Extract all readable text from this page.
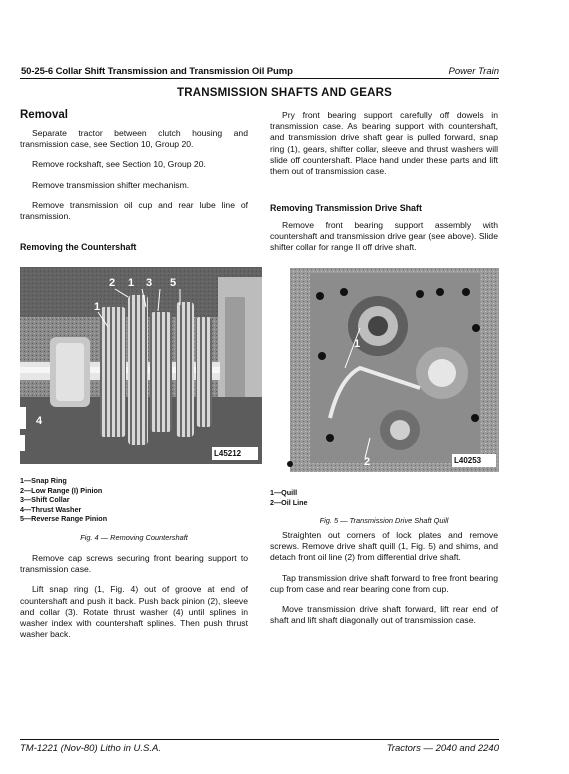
50-25-6 Collar Shift Transmission and Transmission Oil Pump	Power Train
TRANSMISSION SHAFTS AND GEARS
Removal

Separate tractor between clutch housing and transmission case, see Section 10, Group 20.

Remove rockshaft, see Section 10, Group 20.

Remove transmission shifter mechanism.

Remove transmission oil cup and rear lube line of transmission.

Removing the Countershaft
1
2	3 5
1
4
L45212
1—Snap Ring
2—Low Range (I) Pinion
3—Shift Collar
4—Thrust Washer
5—Reverse Range Pinion
Fig. 4 — Removing Countershaft

Remove cap screws securing front bearing support to transmission case.

Lift snap ring (1, Fig. 4) out of groove at end of countershaft and push it back. Push back pinion (2), sleeve and collar (3). Rotate thrust washer (4) until splines in washer index with countershaft splines. Then push thrust washer back.

Pry front bearing support carefully off dowels in transmission case. As bearing support with countershaft, and transmission drive shaft gear is pulled forward, snap ring (1), gears, shifter collar, sleeve and thrust washers will slide off countershaft. Place hand under these parts and lift them out of transmission case.

Removing Transmission Drive Shaft

Remove front bearing support assembly with countershaft and transmission drive gear (see above). Slide shifter collar for range II off drive shaft.

1
2	L40253
1—Quill
2—Oil Line
Fig. 5 — Transmission Drive Shaft Quill

Straighten out corners of lock plates and remove screws. Remove drive shaft quill (1, Fig. 5) and shims, and detach front oil line (2) from differential drive shaft.

Tap transmission drive shaft forward to free front bearing cup from case and rear bearing cone from cup.

Move transmission drive shaft forward, lift rear end of shaft and lift shaft diagonally out of transmission case.

TM-1221 (Nov-80) Litho in U.S.A.	Tractors — 2040 and 2240
